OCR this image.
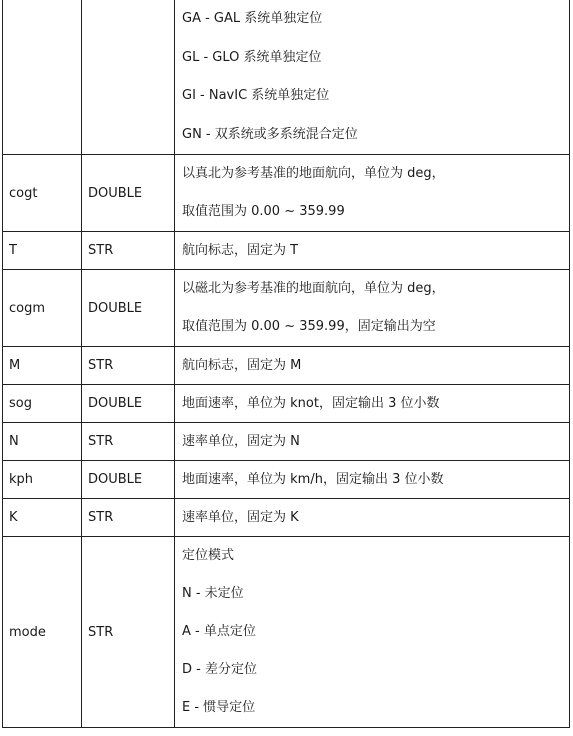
		GA - GAL 系统单独定位
GL - GLO 系统单独定位
GI - NavIC 系统单独定位
GN - 双系统或多系统混合定位

cogt	DOUBLE	以真北为参考基准的地面航向，单位为 deg，
取值范围为 0.00 ~ 359.99

T	STR	航向标志，固定为 T

cogm	DOUBLE	以磁北为参考基准的地面航向，单位为 deg，
取值范围为 0.00 ~ 359.99，固定输出为空

M	STR	航向标志，固定为 M

sog	DOUBLE	地面速率，单位为 knot，固定输出 3 位小数

N	STR	速率单位，固定为 N

kph	DOUBLE	地面速率，单位为 km/h，固定输出 3 位小数

K	STR	速率单位，固定为 K

mode	STR	定位模式
N - 未定位
A - 单点定位
D - 差分定位
E - 惯导定位
